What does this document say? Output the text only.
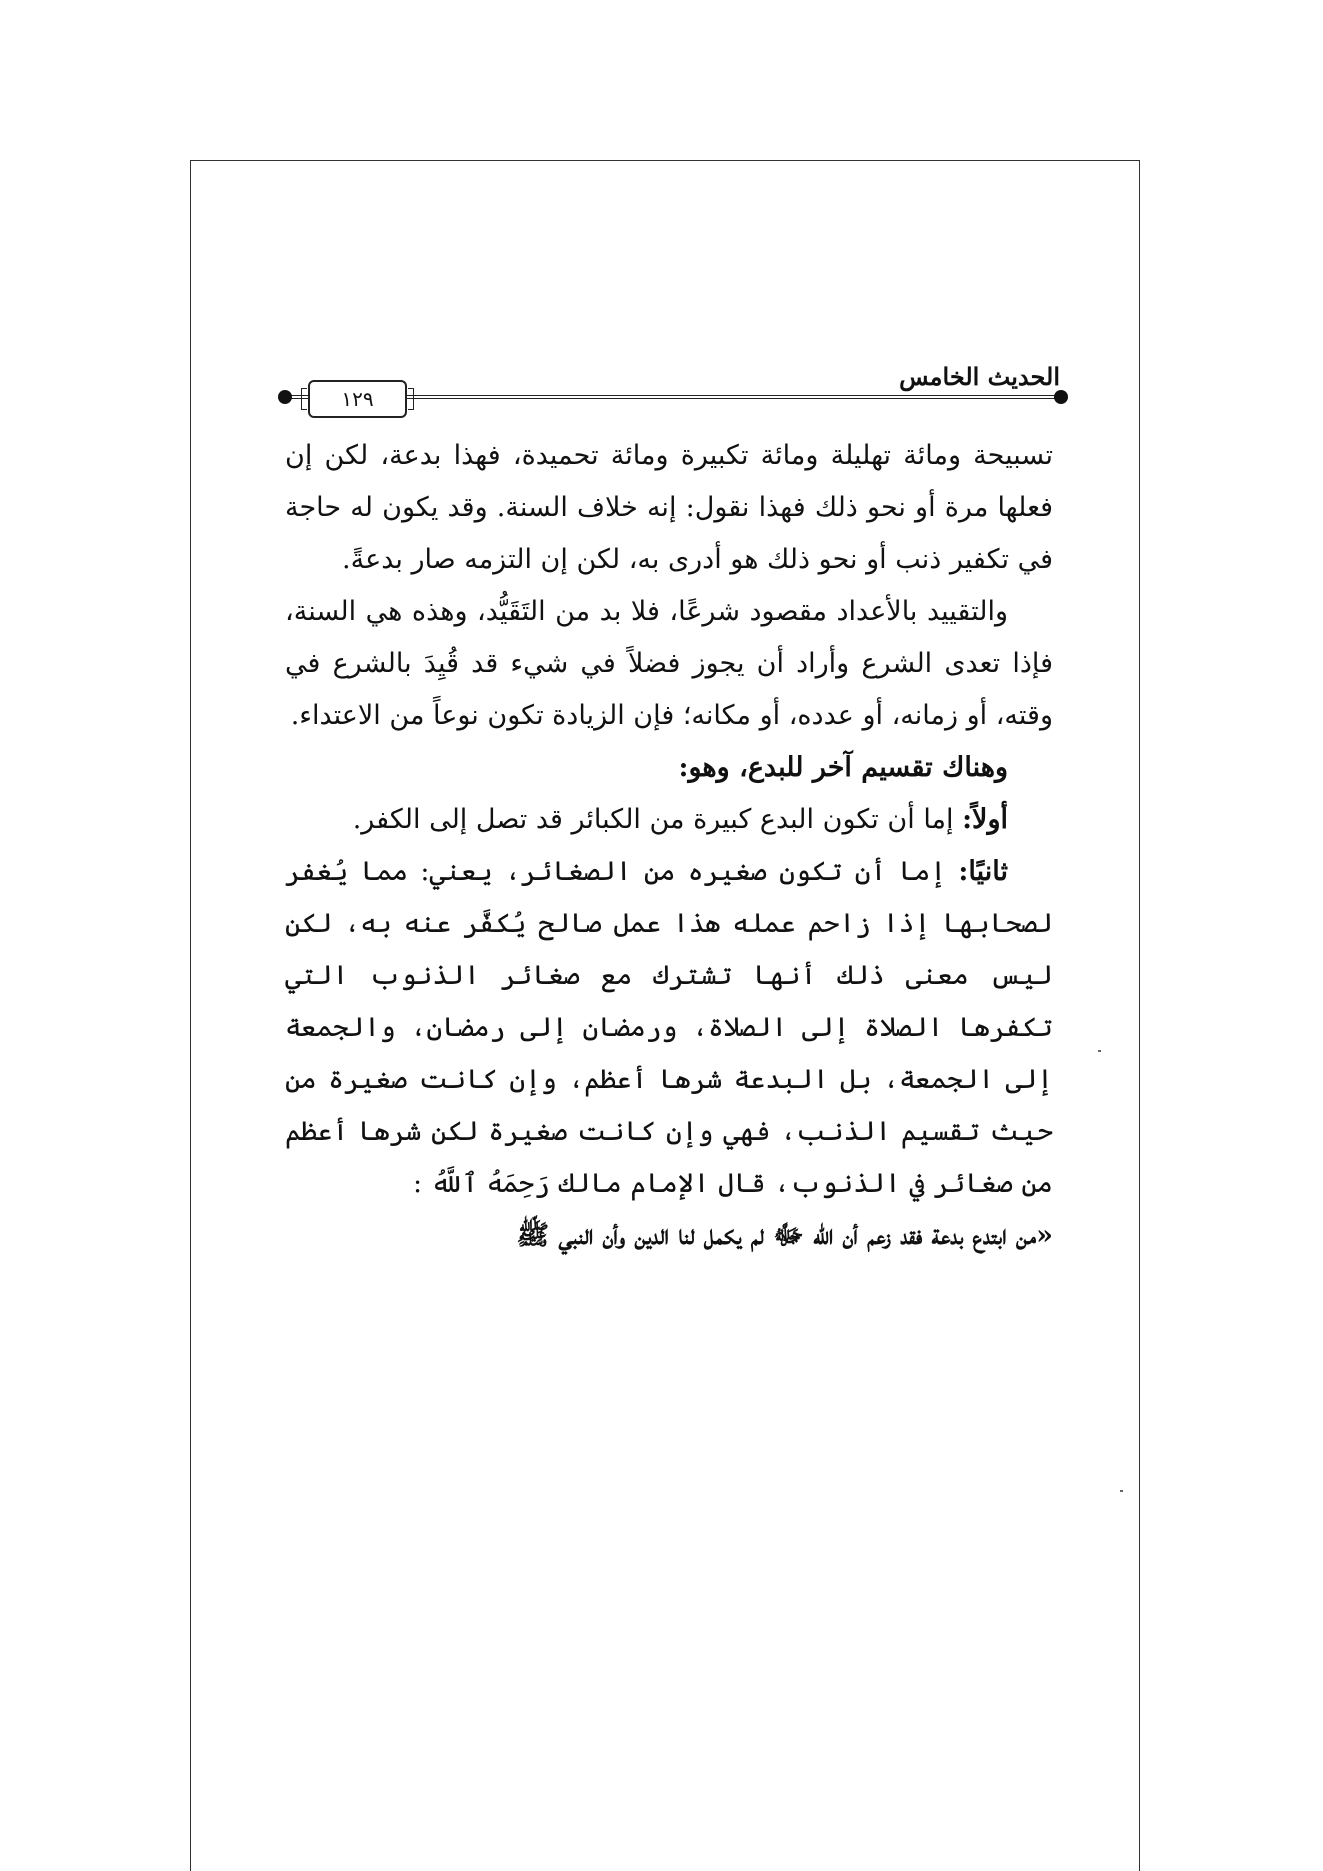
١٢٩
الحديث الخامس

تسبيحة ومائة تهليلة ومائة تكبيرة ومائة تحميدة، فهذا بدعة، لكن إن فعلها مرة أو نحو ذلك فهذا نقول: إنه خلاف السنة. وقد يكون له حاجة في تكفير ذنب أو نحو ذلك هو أدرى به، لكن إن التزمه صار بدعةً.

والتقييد بالأعداد مقصود شرعًا، فلا بد من التَقَيُّد، وهذه هي السنة، فإذا تعدى الشرع وأراد أن يجوز فضلاً في شيء قد قُيِدَ بالشرع في وقته، أو زمانه، أو عدده، أو مكانه؛ فإن الزيادة تكون نوعاً من الاعتداء.

وهناك تقسيم آخر للبدع، وهو:

أولاً: إما أن تكون البدع كبيرة من الكبائر قد تصل إلى الكفر.

ثانيًا: إما أن تكون صغيره من الصغائر، يعني: مما يُغفر لصحابها إذا زاحم عمله هذا عمل صالح يُكفَّر عنه به، لكن ليس معنى ذلك أنها تشترك مع صغائر الذنوب التي تكفرها الصلاة إلى الصلاة، ورمضان إلى رمضان، والجمعة إلى الجمعة، بل البدعة شرها أعظم، وإن كانت صغيرة من حيث تقسيم الذنب، فهي وإن كانت صغيرة لكن شرها أعظم من صغائر في الذنوب، قال الإمام مالك رَحِمَهُ ٱللَّهُ :

«من ابتدع بدعة فقد زعم أن الله ﷻ لم يكمل لنا الدين وأن النبي ﷺ
